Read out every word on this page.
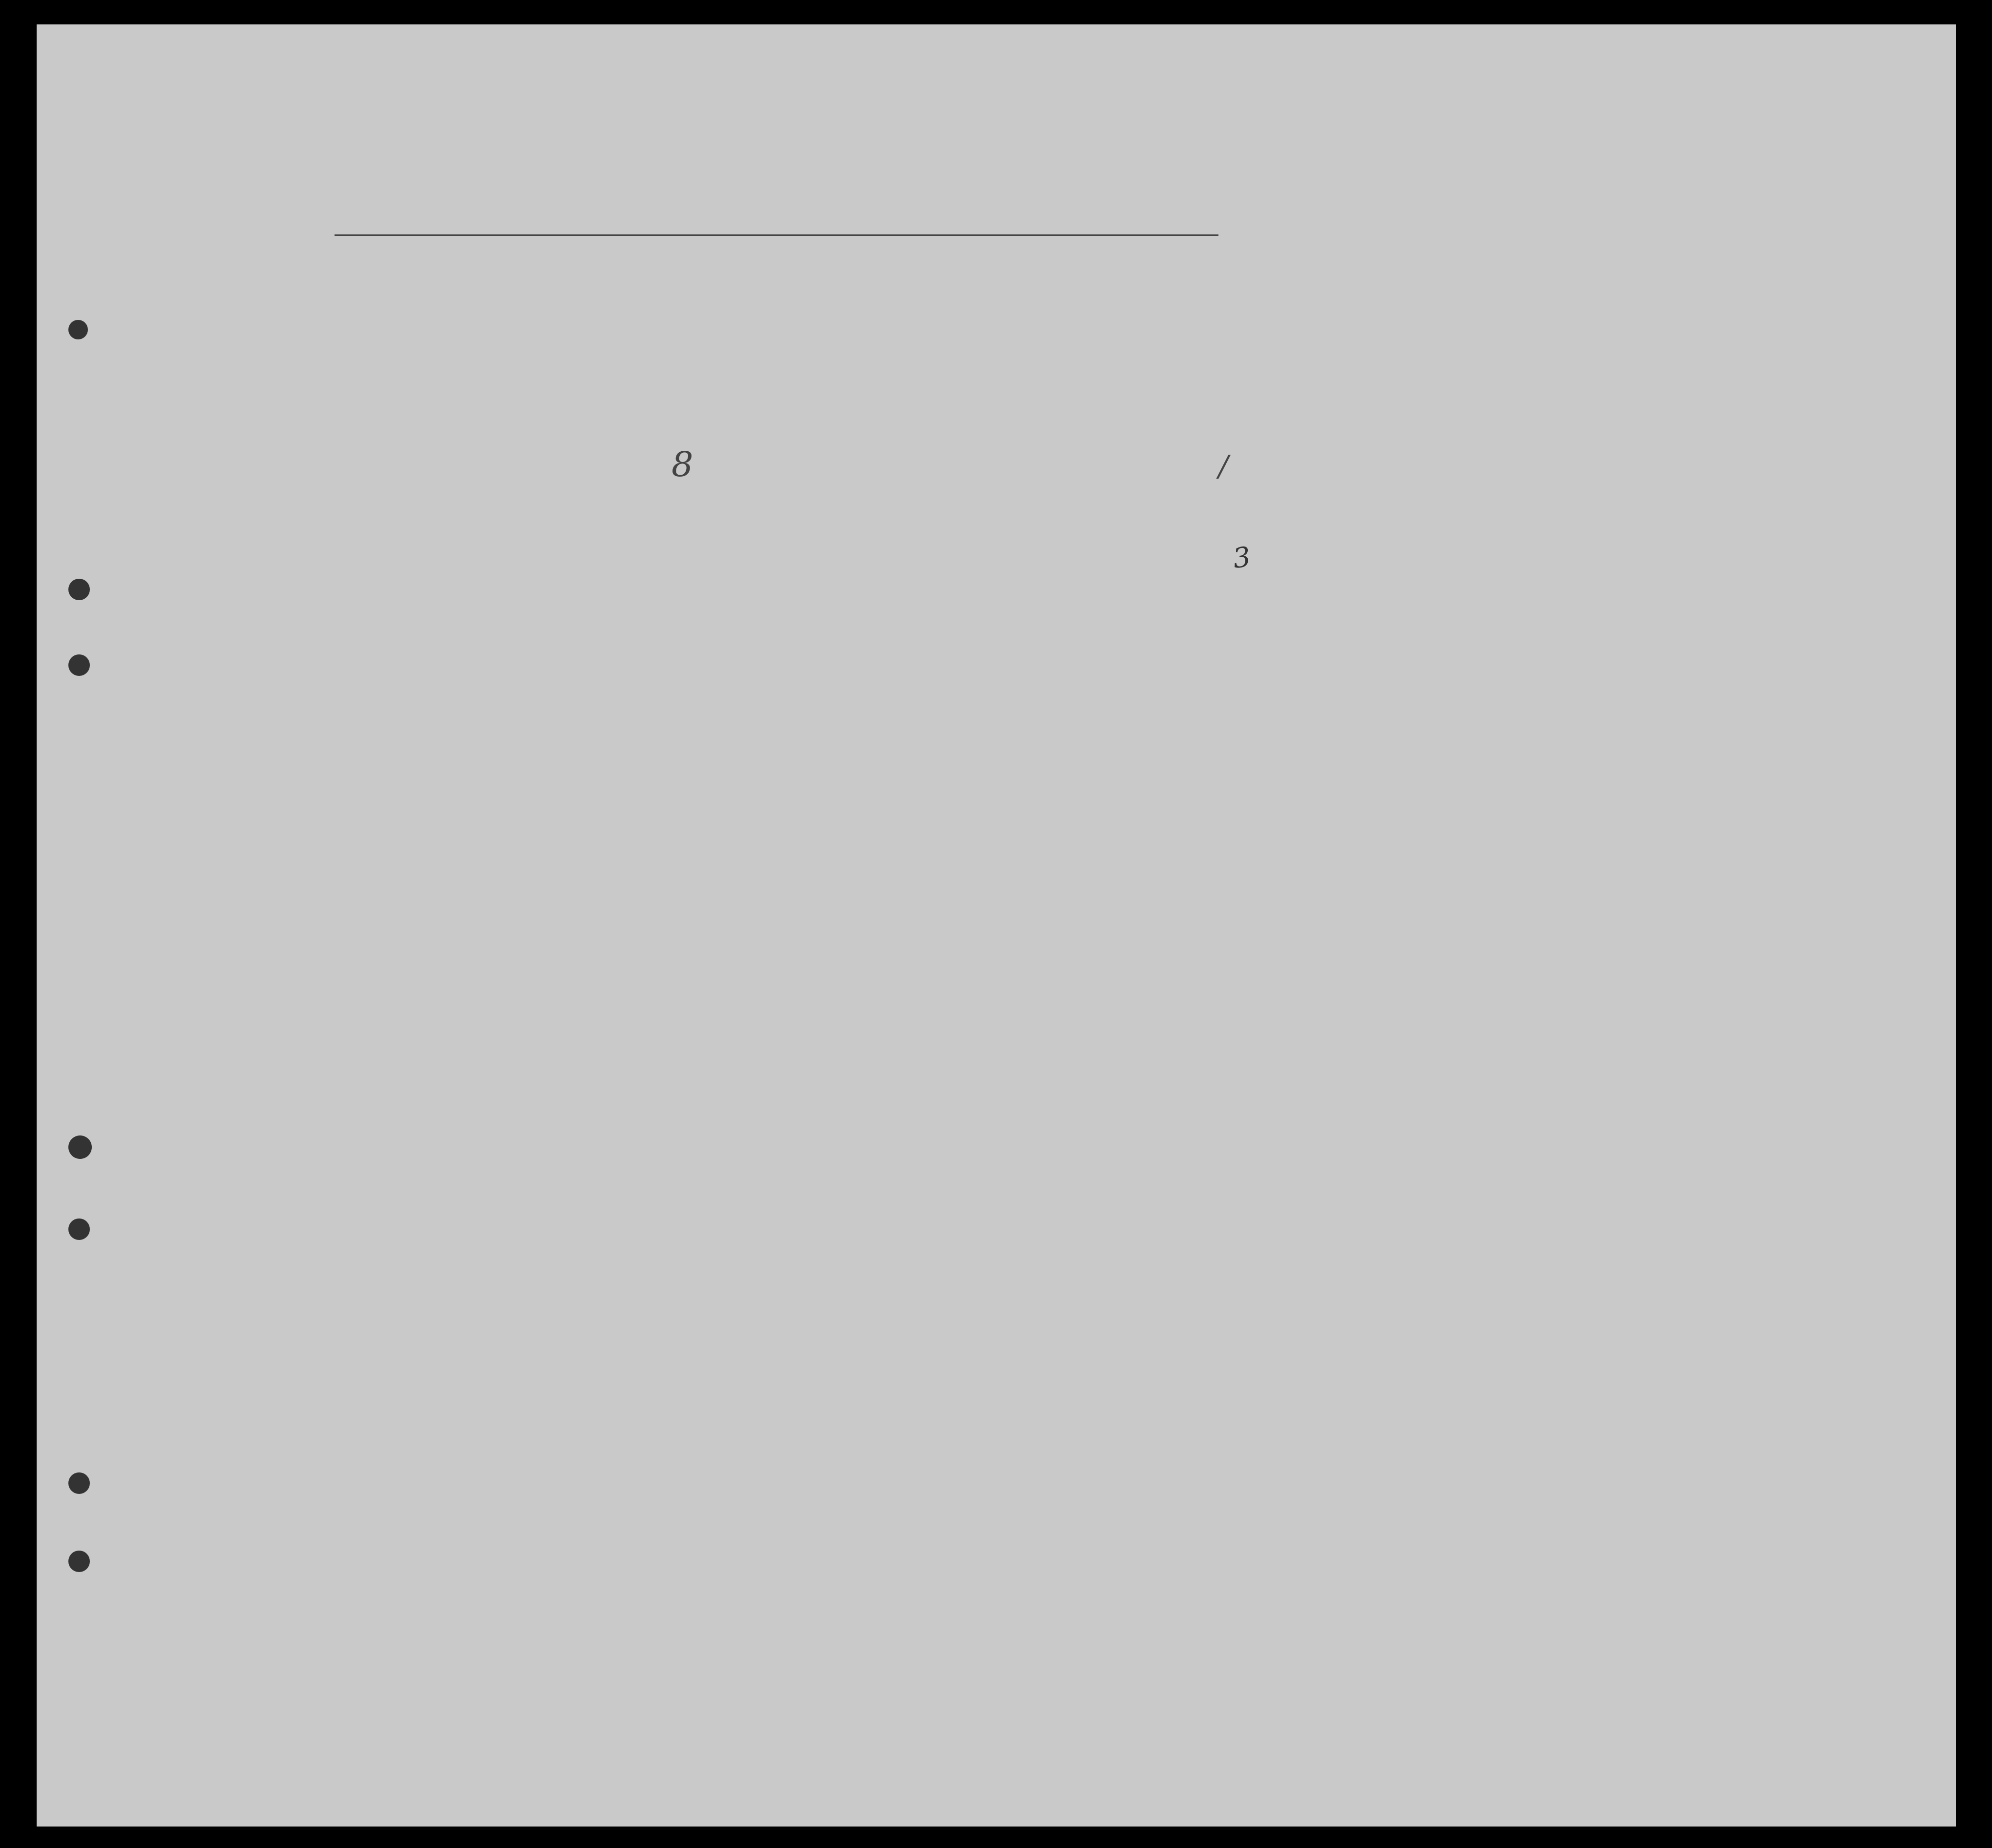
8	/
3
